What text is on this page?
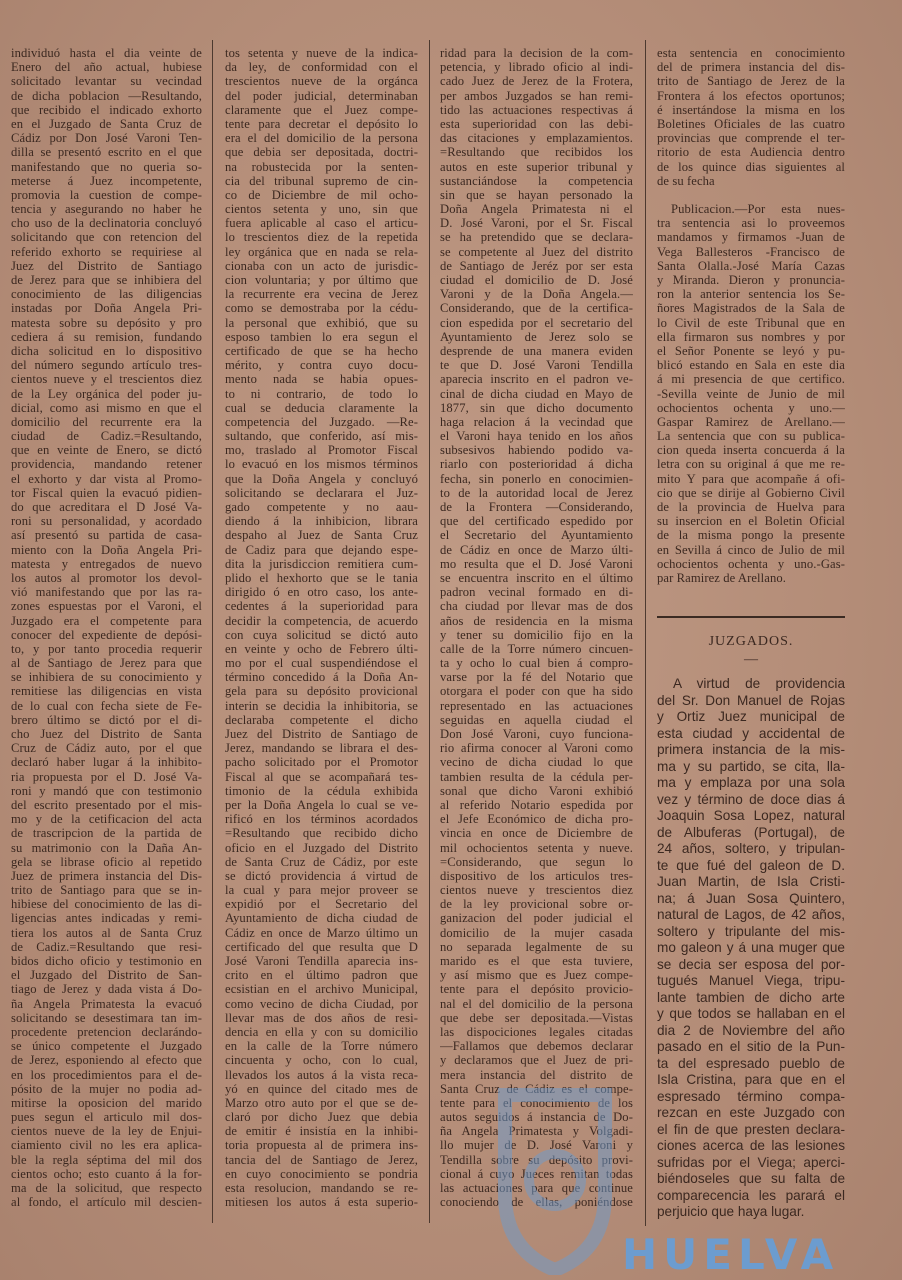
individuó hasta el dia veinte de
Enero del año actual, hubiese
solicitado levantar su vecindad
de dicha poblacion —Resultando,
que recibido el indicado exhorto
en el Juzgado de Santa Cruz de
Cádiz por Don José Varoni Ten-
dilla se presentó escrito en el que
manifestando que no queria so-
meterse á Juez incompetente,
promovia la cuestion de compe-
tencia y asegurando no haber he
cho uso de la declinatoria concluyó
solicitando que con retencion del
referido exhorto se requiriese al
Juez del Distrito de Santiago
de Jerez para que se inhibiera del
conocimiento de las diligencias
instadas por Doña Angela Pri-
matesta sobre su depósito y pro
cediera á su remision, fundando
dicha solicitud en lo dispositivo
del número segundo artículo tres-
cientos nueve y el trescientos diez
de la Ley orgánica del poder ju-
dicial, como asi mismo en que el
domicilio del recurrente era la
ciudad de Cadiz.=Resultando,
que en veinte de Enero, se dictó
providencia, mandando retener
el exhorto y dar vista al Promo-
tor Fiscal quien la evacuó pidien-
do que acreditara el D José Va-
roni su personalidad, y acordado
así presentó su partida de casa-
miento con la Doña Angela Pri-
matesta y entregados de nuevo
los autos al promotor los devol-
vió manifestando que por las ra-
zones espuestas por el Varoni, el
Juzgado era el competente para
conocer del expediente de depósi-
to, y por tanto procedia requerir
al de Santiago de Jerez para que
se inhibiera de su conocimiento y
remitiese las diligencias en vista
de lo cual con fecha siete de Fe-
brero último se dictó por el di-
cho Juez del Distrito de Santa
Cruz de Cádiz auto, por el que
declaró haber lugar á la inhibito-
ria propuesta por el D. José Va-
roni y mandó que con testimonio
del escrito presentado por el mis-
mo y de la cetificacion del acta
de trascripcion de la partida de
su matrimonio con la Daña An-
gela se librase oficio al repetido
Juez de primera instancia del Dis-
trito de Santiago para que se in-
hibiese del conocimiento de las di-
ligencias antes indicadas y remi-
tiera los autos al de Santa Cruz
de Cadiz.=Resultando que resi-
bidos dicho oficio y testimonio en
el Juzgado del Distrito de San-
tiago de Jerez y dada vista á Do-
ña Angela Primatesta la evacuó
solicitando se desestimara tan im-
procedente pretencion declarándo-
se único competente el Juzgado
de Jerez, esponiendo al efecto que
en los procedimientos para el de-
pósito de la mujer no podia ad-
mitirse la oposicion del marido
pues segun el articulo mil dos-
cientos nueve de la ley de Enjui-
ciamiento civil no les era aplica-
ble la regla séptima del mil dos
cientos ocho; esto cuanto á la for-
ma de la solicitud, que respecto
al fondo, el artículo mil descien-
tos setenta y nueve de la indica-
da ley, de conformidad con el
trescientos nueve de la orgánca
del poder judicial, determinaban
claramente que el Juez compe-
tente para decretar el depósito lo
era el del domicilio de la persona
que debia ser depositada, doctri-
na robustecida por la senten-
cia del tribunal supremo de cin-
co de Diciembre de mil ocho-
cientos setenta y uno, sin que
fuera aplicable al caso el articu-
lo trescientos diez de la repetida
ley orgánica que en nada se rela-
cionaba con un acto de jurisdic-
cion voluntaria; y por último que
la recurrente era vecina de Jerez
como se demostraba por la cédu-
la personal que exhibió, que su
esposo tambien lo era segun el
certificado de que se ha hecho
mérito, y contra cuyo docu-
mento nada se habia opues-
to ni contrario, de todo lo
cual se deducia claramente la
competencia del Juzgado. —Re-
sultando, que conferido, así mis-
mo, traslado al Promotor Fiscal
lo evacuó en los mismos términos
que la Doña Angela y concluyó
solicitando se declarara el Juz-
gado competente y no aau-
diendo á la inhibicion, librara
despaho al Juez de Santa Cruz
de Cadiz para que dejando espe-
dita la jurisdiccion remitiera cum-
plido el hexhorto que se le tania
dirigido ó en otro caso, los ante-
cedentes á la superioridad para
decidir la competencia, de acuerdo
con cuya solicitud se dictó auto
en veinte y ocho de Febrero últi-
mo por el cual suspendiéndose el
término concedido á la Doña An-
gela para su depósito provicional
interin se decidia la inhibitoria, se
declaraba competente el dicho
Juez del Distrito de Santiago de
Jerez, mandando se librara el des-
pacho solicitado por el Promotor
Fiscal al que se acompañará tes-
timonio de la cédula exhibida
per la Doña Angela lo cual se ve-
rificó en los términos acordados
=Resultando que recibido dicho
oficio en el Juzgado del Distrito
de Santa Cruz de Cádiz, por este
se dictó providencia á virtud de
la cual y para mejor proveer se
expidió por el Secretario del
Ayuntamiento de dicha ciudad de
Cádiz en once de Marzo último un
certificado del que resulta que D
José Varoni Tendilla aparecia ins-
crito en el último padron que
ecsistian en el archivo Municipal,
como vecino de dicha Ciudad, por
llevar mas de dos años de resi-
dencia en ella y con su domicilio
en la calle de la Torre número
cincuenta y ocho, con lo cual,
llevados los autos á la vista reca-
yó en quince del citado mes de
Marzo otro auto por el que se de-
claró por dicho Juez que debia
de emitir é insistía en la inhibi-
toria propuesta al de primera ins-
tancia del de Santiago de Jerez,
en cuyo conocimiento se pondria
esta resolucion, mandando se re-
mitiesen los autos á esta superio-
ridad para la decision de la com-
petencia, y librado oficio al indi-
cado Juez de Jerez de la Frotera,
per ambos Juzgados se han remi-
tido las actuaciones respectivas á
esta superioridad con las debi-
das citaciones y emplazamientos.
=Resultando que recibidos los
autos en este superior tribunal y
sustanciándose la competencia
sin que se hayan personado la
Doña Angela Primatesta ni el
D. José Varoni, por el Sr. Fiscal
se ha pretendido que se declara-
se competente al Juez del distrito
de Santiago de Jeréz por ser esta
ciudad el domicilio de D. José
Varoni y de la Doña Angela.—
Considerando, que de la certifica-
cion espedida por el secretario del
Ayuntamiento de Jerez solo se
desprende de una manera eviden
te que D. José Varoni Tendilla
aparecia inscrito en el padron ve-
cinal de dicha ciudad en Mayo de
1877, sin que dicho documento
haga relacion á la vecindad que
el Varoni haya tenido en los años
subsesivos habiendo podido va-
riarlo con posterioridad á dicha
fecha, sin ponerlo en conocimien-
to de la autoridad local de Jerez
de la Frontera —Considerando,
que del certificado espedido por
el Secretario del Ayuntamiento
de Cádiz en once de Marzo últi-
mo resulta que el D. José Varoni
se encuentra inscrito en el último
padron vecinal formado en di-
cha ciudad por llevar mas de dos
años de residencia en la misma
y tener su domicilio fijo en la
calle de la Torre número cincuen-
ta y ocho lo cual bien á compro-
varse por la fé del Notario que
otorgara el poder con que ha sido
representado en las actuaciones
seguidas en aquella ciudad el
Don José Varoni, cuyo funciona-
rio afirma conocer al Varoni como
vecino de dicha ciudad lo que
tambien resulta de la cédula per-
sonal que dicho Varoni exhibió
al referido Notario espedida por
el Jefe Económico de dicha pro-
vincia en once de Diciembre de
mil ochocientos setenta y nueve.
=Considerando, que segun lo
dispositivo de los articulos tres-
cientos nueve y trescientos diez
de la ley provicional sobre or-
ganizacion del poder judicial el
domicilio de la mujer casada
no separada legalmente de su
marido es el que esta tuviere,
y así mismo que es Juez compe-
tente para el depósito provicio-
nal el del domicilio de la persona
que debe ser depositada.—Vistas
las dispociciones legales citadas
—Fallamos que debemos declarar
y declaramos que el Juez de pri-
mera instancia del distrito de
Santa Cruz de Cádiz es el compe-
tente para el conocimiento de los
autos seguidos á instancia de Do-
ña Angela Primatesta y Volgadi-
llo mujer de D. José Varoni y
Tendilla sobre su depósito provi-
cional á cuyo Jueces remitan todas
las actuaciones para que continue
conociendo de ellas, poniéndose
esta sentencia en conocimiento
del de primera instancia del dis-
trito de Santiago de Jerez de la
Frontera á los efectos oportunos;
é insertándose la misma en los
Boletines Oficiales de las cuatro
provincias que comprende el ter-
ritorio de esta Audiencia dentro
de los quince dias siguientes al
de su fecha
Publicacion.—Por esta nues-
tra sentencia asi lo proveemos
mandamos y firmamos -Juan de
Vega Ballesteros -Francisco de
Santa Olalla.-José María Cazas
y Miranda. Dieron y pronuncia-
ron la anterior sentencia los Se-
ñores Magistrados de la Sala de
lo Civil de este Tribunal que en
ella firmaron sus nombres y por
el Señor Ponente se leyó y pu-
blicó estando en Sala en este dia
á mi presencia de que certifico.
-Sevilla veinte de Junio de mil
ochocientos ochenta y uno.—
Gaspar Ramirez de Arellano.—
La sentencia que con su publica-
cion queda inserta concuerda á la
letra con su original á que me re-
mito Y para que acompañe á ofi-
cio que se dirije al Gobierno Civil
de la provincia de Huelva para
su insercion en el Boletin Oficial
de la misma pongo la presente
en Sevilla á cinco de Julio de mil
ochocientos ochenta y uno.-Gas-
par Ramirez de Arellano.
JUZGADOS.
—
A virtud de providencia
del Sr. Don Manuel de Rojas
y Ortiz Juez municipal de
esta ciudad y accidental de
primera instancia de la mis-
ma y su partido, se cita, lla-
ma y emplaza por una sola
vez y término de doce dias á
Joaquin Sosa Lopez, natural
de Albuferas (Portugal), de
24 años, soltero, y tripulan-
te que fué del galeon de D.
Juan Martin, de Isla Cristi-
na; á Juan Sosa Quintero,
natural de Lagos, de 42 años,
soltero y tripulante del mis-
mo galeon y á una muger que
se decia ser esposa del por-
tugués Manuel Viega, tripu-
lante tambien de dicho arte
y que todos se hallaban en el
dia 2 de Noviembre del año
pasado en el sitio de la Pun-
ta del espresado pueblo de
Isla Cristina, para que en el
espresado término compa-
rezcan en este Juzgado con
el fin de que presten declara-
ciones acerca de las lesiones
sufridas por el Viega; aperci-
biéndoseles que su falta de
comparecencia les parará el
perjuicio que haya lugar.
HUELVA
